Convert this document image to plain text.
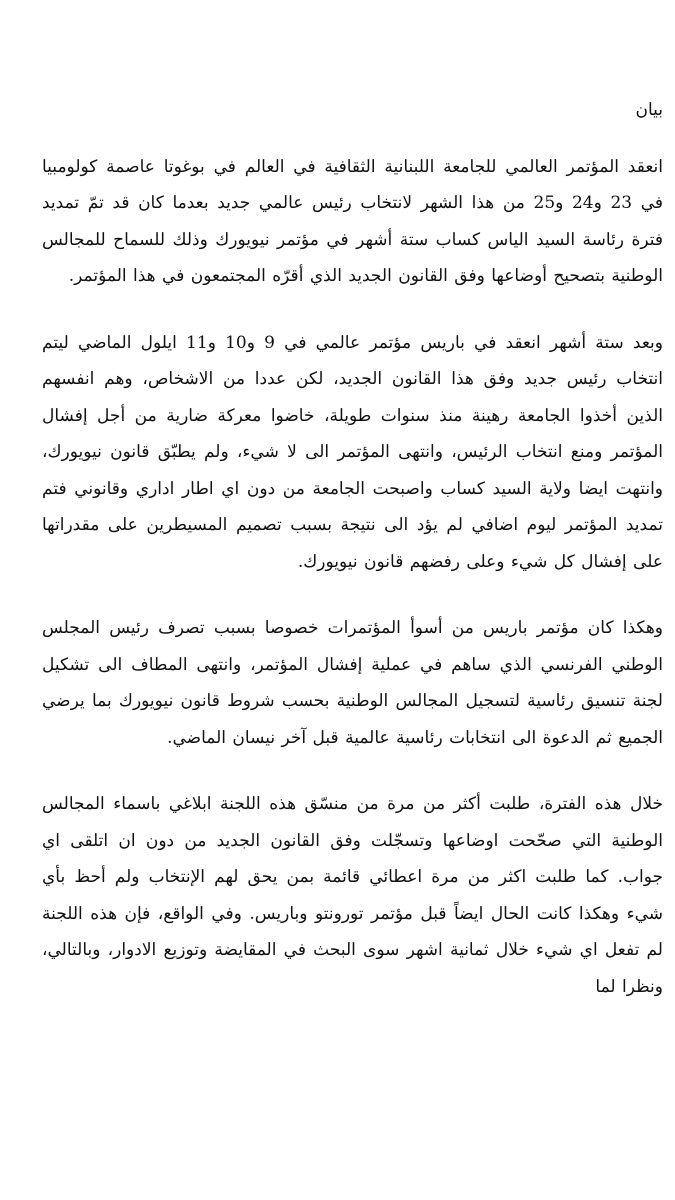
بيان

انعقد المؤتمر العالمي للجامعة اللبنانية الثقافية في العالم في بوغوتا عاصمة كولومبيا في 23 و24 و25 من هذا الشهر لانتخاب رئيس عالمي جديد بعدما كان قد تمّ تمديد فترة رئاسة السيد الياس كساب ستة أشهر في مؤتمر نيويورك وذلك للسماح للمجالس الوطنية بتصحيح أوضاعها وفق القانون الجديد الذي أقرّه المجتمعون في هذا المؤتمر.

وبعد ستة أشهر انعقد في باريس مؤتمر عالمي في 9 و10 و11 ايلول الماضي ليتم انتخاب رئيس جديد وفق هذا القانون الجديد، لكن عددا من الاشخاص، وهم انفسهم الذين أخذوا الجامعة رهينة منذ سنوات طويلة، خاضوا معركة ضارية من أجل إفشال المؤتمر ومنع انتخاب الرئيس، وانتهى المؤتمر الى لا شيء، ولم يطبّق قانون نيويورك، وانتهت ايضا ولاية السيد كساب واصبحت الجامعة من دون اي اطار اداري وقانوني فتم تمديد المؤتمر ليوم اضافي لم يؤد الى نتيجة بسبب تصميم المسيطرين على مقدراتها على إفشال كل شيء وعلى رفضهم قانون نيويورك.

وهكذا كان مؤتمر باريس من أسوأ المؤتمرات خصوصا بسبب تصرف رئيس المجلس الوطني الفرنسي الذي ساهم في عملية إفشال المؤتمر، وانتهى المطاف الى تشكيل لجنة تنسيق رئاسية لتسجيل المجالس الوطنية بحسب شروط قانون نيويورك بما يرضي الجميع ثم الدعوة الى انتخابات رئاسية عالمية قبل آخر نيسان الماضي.

خلال هذه الفترة، طلبت أكثر من مرة من منسّق هذه اللجنة ابلاغي باسماء المجالس الوطنية التي صحّحت اوضاعها وتسجّلت وفق القانون الجديد من دون ان اتلقى اي جواب. كما طلبت اكثر من مرة اعطائي قائمة بمن يحق لهم الإنتخاب ولم أحظ بأي شيء وهكذا كانت الحال ايضاً قبل مؤتمر تورونتو وباريس. وفي الواقع، فإن هذه اللجنة لم تفعل اي شيء خلال ثمانية اشهر سوى البحث في المقايضة وتوزيع الادوار، وبالتالي، ونظرا لما
